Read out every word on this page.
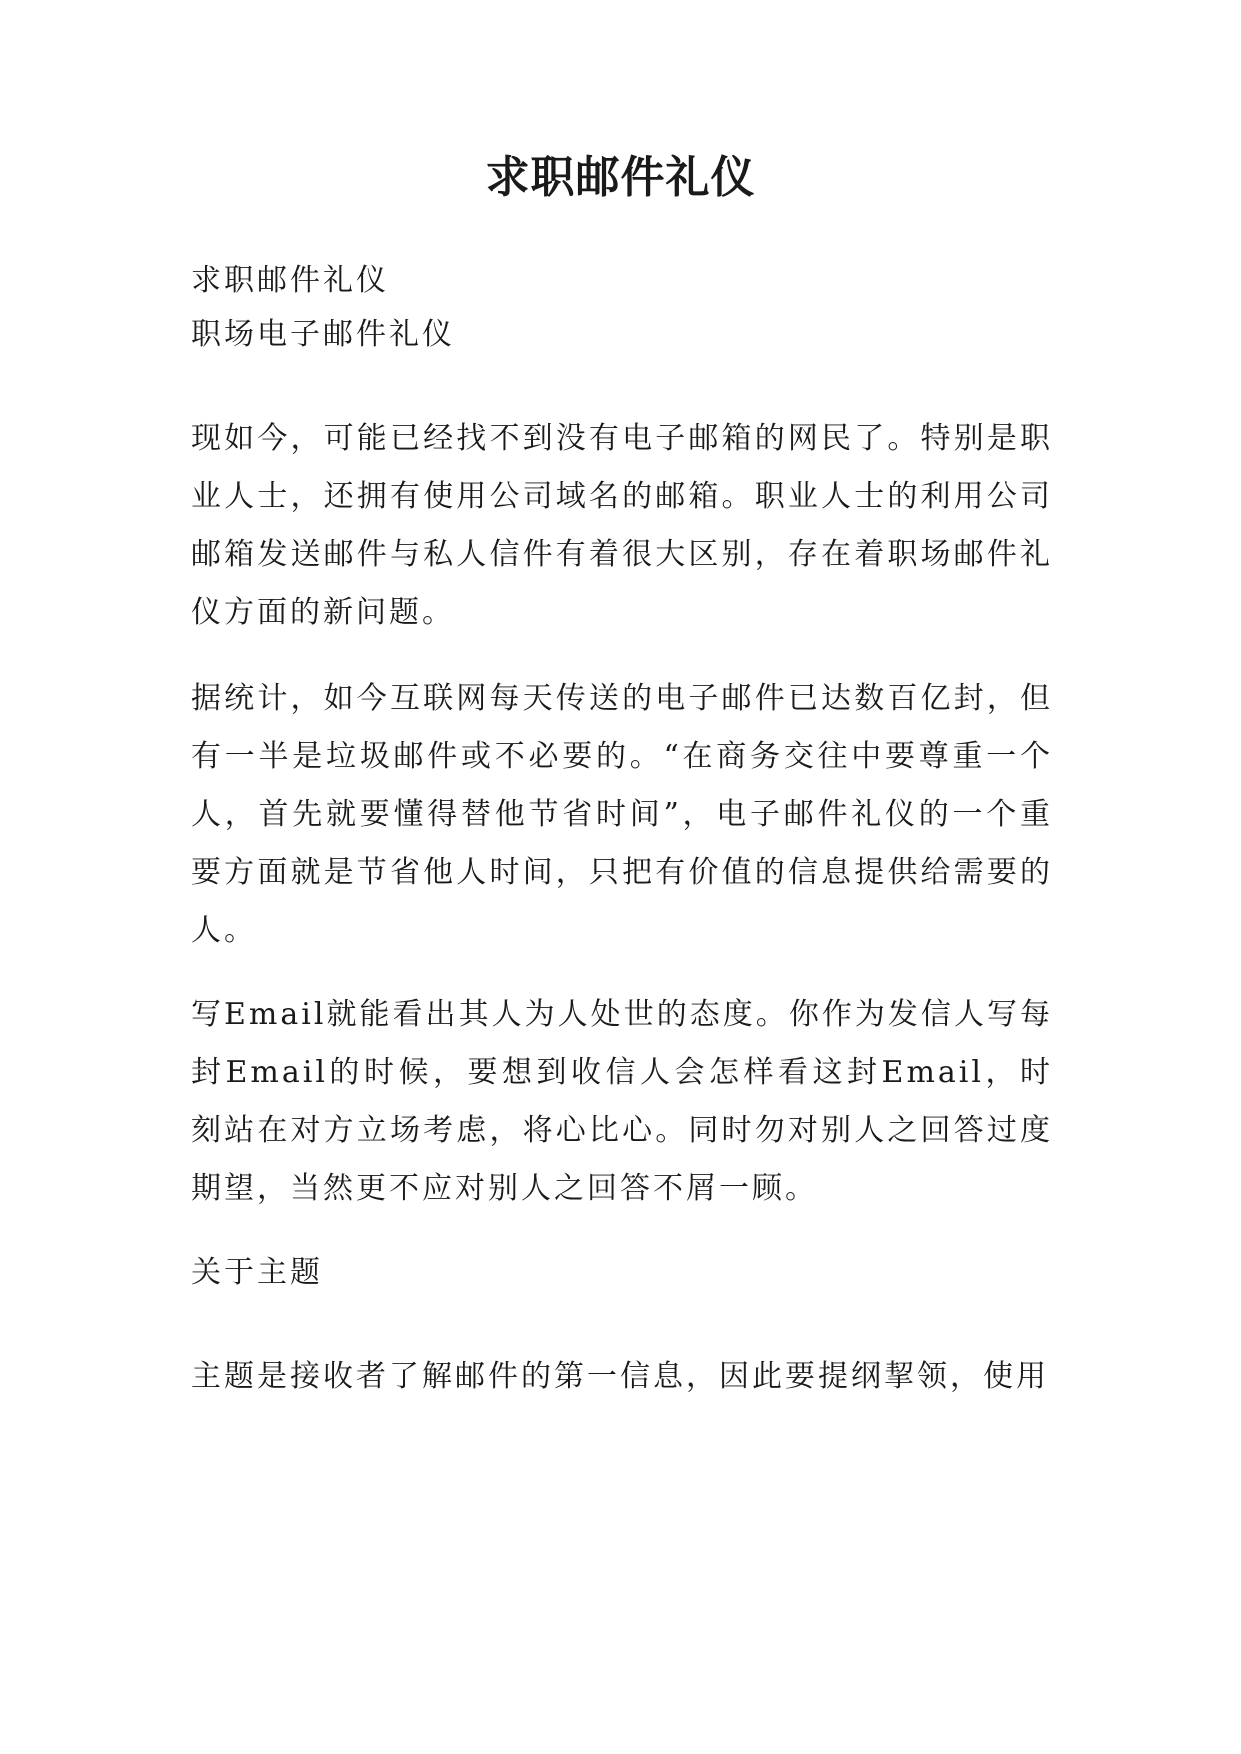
求职邮件礼仪

求职邮件礼仪

职场电子邮件礼仪

现如今，可能已经找不到没有电子邮箱的网民了。特别是职业人士，还拥有使用公司域名的邮箱。职业人士的利用公司邮箱发送邮件与私人信件有着很大区别，存在着职场邮件礼仪方面的新问题。

据统计，如今互联网每天传送的电子邮件已达数百亿封，但有一半是垃圾邮件或不必要的。“在商务交往中要尊重一个人，首先就要懂得替他节省时间”，电子邮件礼仪的一个重要方面就是节省他人时间，只把有价值的信息提供给需要的人。

写Email就能看出其人为人处世的态度。你作为发信人写每封Email的时候，要想到收信人会怎样看这封Email，时刻站在对方立场考虑，将心比心。同时勿对别人之回答过度期望，当然更不应对别人之回答不屑一顾。

关于主题

主题是接收者了解邮件的第一信息，因此要提纲挈领，使用
